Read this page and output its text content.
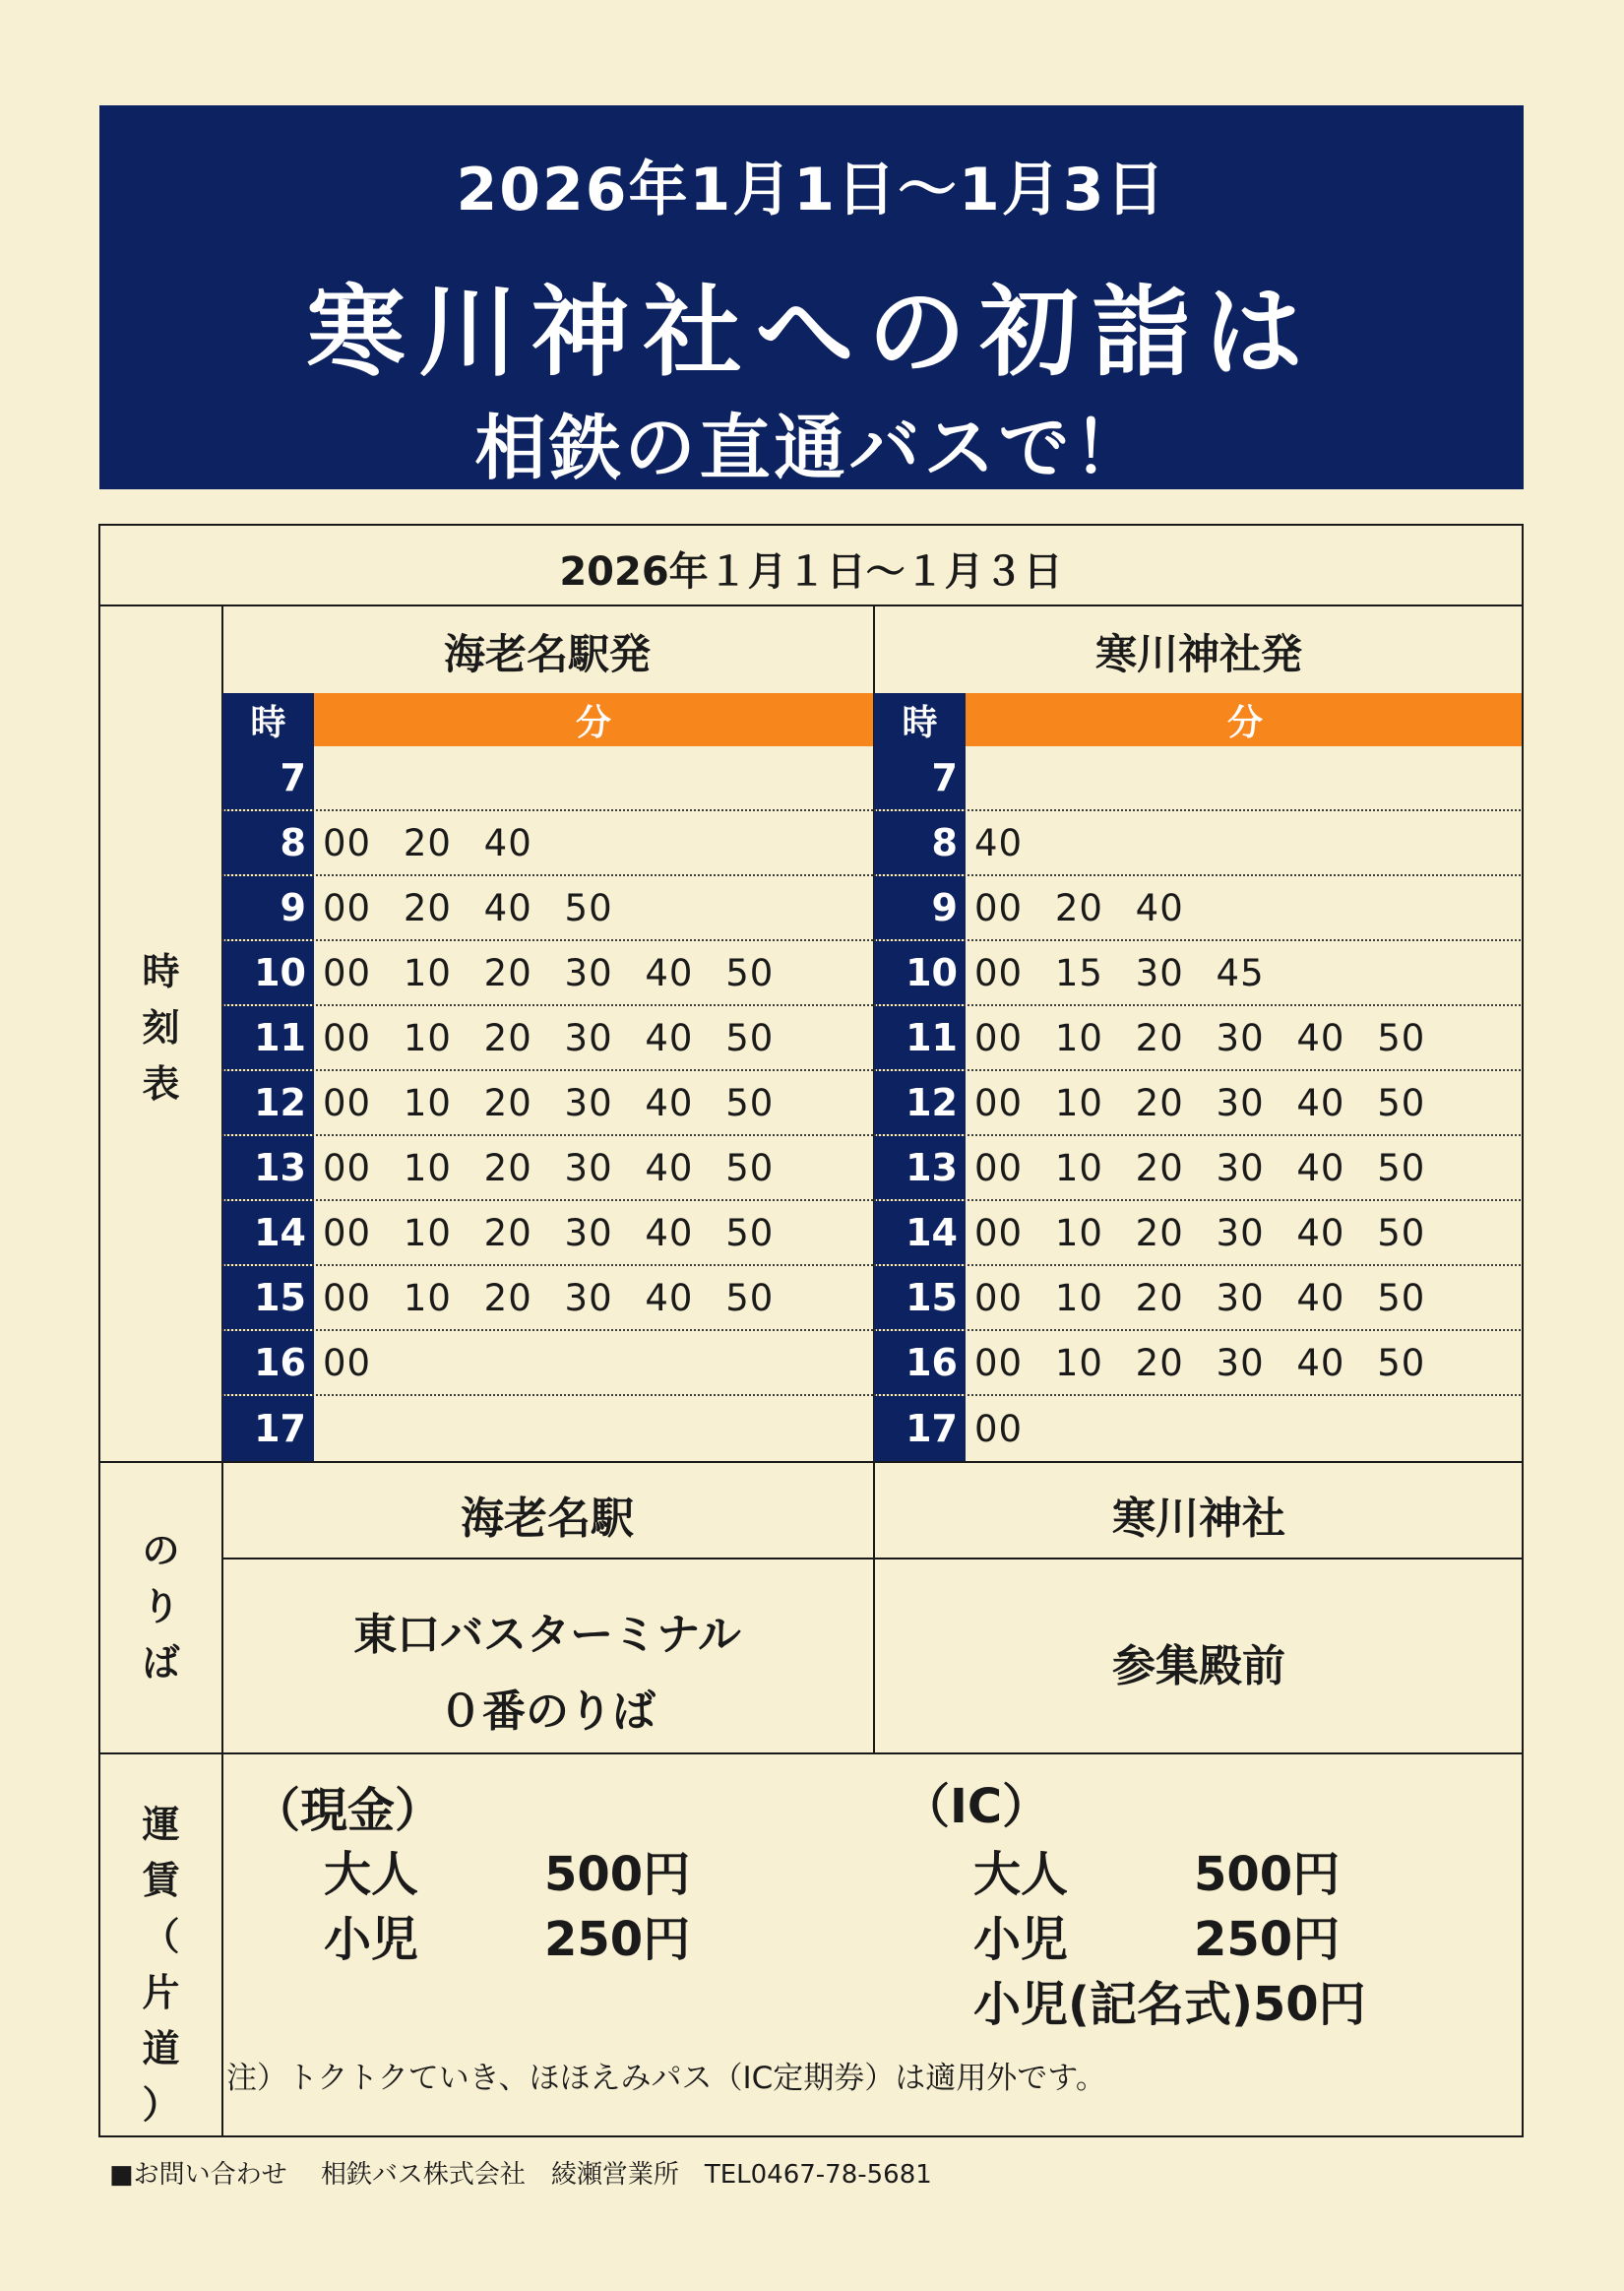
2026年1月1日～1月3日
寒川神社への初詣は
相鉄の直通バスで！
2026年１月１日～１月３日
時
刻
表
海老名駅発	寒川神社発
時	分
7
8 00 20 40
9 00 20 40 50
10 00 10 20 30 40 50
11 00 10 20 30 40 50
12 00 10 20 30 40 50
13 00 10 20 30 40 50
14 00 10 20 30 40 50
15 00 10 20 30 40 50
16 00
17
時	分
7
8 40
9 00 20 40
10 00 15 30 45
11 00 10 20 30 40 50
12 00 10 20 30 40 50
13 00 10 20 30 40 50
14 00 10 20 30 40 50
15 00 10 20 30 40 50
16 00 10 20 30 40 50
17 00
の
り
ば
海老名駅	寒川神社
東口バスターミナル
０番のりば
参集殿前
運
賃
（
片
道
）
（現金）
大人	500円
小児	250円
（IC）
大人	500円
小児	250円
小児(記名式)50円
注）トクトクていき、ほほえみパス（IC定期券）は適用外です。
■お問い合わせ　 相鉄バス株式会社　綾瀬営業所　TEL0467-78-5681
